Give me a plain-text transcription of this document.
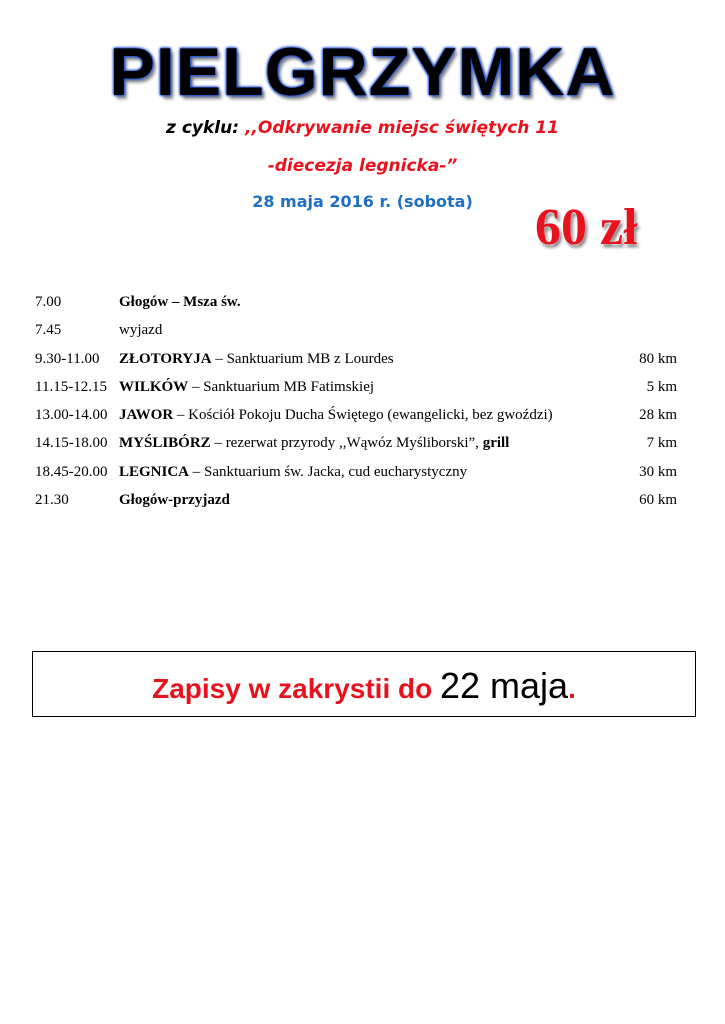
PIELGRZYMKA
z cyklu: ,,Odkrywanie miejsc świętych 11
-diecezja legnicka-”
28 maja 2016 r. (sobota)	60 zł
7.00	Głogów – Msza św.
7.45	wyjazd
9.30-11.00 ZŁOTORYJA – Sanktuarium MB z Lourdes	80 km
11.15-12.15 WILKÓW – Sanktuarium MB Fatimskiej	5 km
13.00-14.00 JAWOR – Kościół Pokoju Ducha Świętego (ewangelicki, bez gwoździ)	28 km
14.15-18.00 MYŚLIBÓRZ – rezerwat przyrody ,,Wąwóz Myśliborski”, grill	7 km
18.45-20.00 LEGNICA – Sanktuarium św. Jacka, cud eucharystyczny	30 km
21.30	Głogów-przyjazd	60 km
Zapisy w zakrystii do 22 maja.
